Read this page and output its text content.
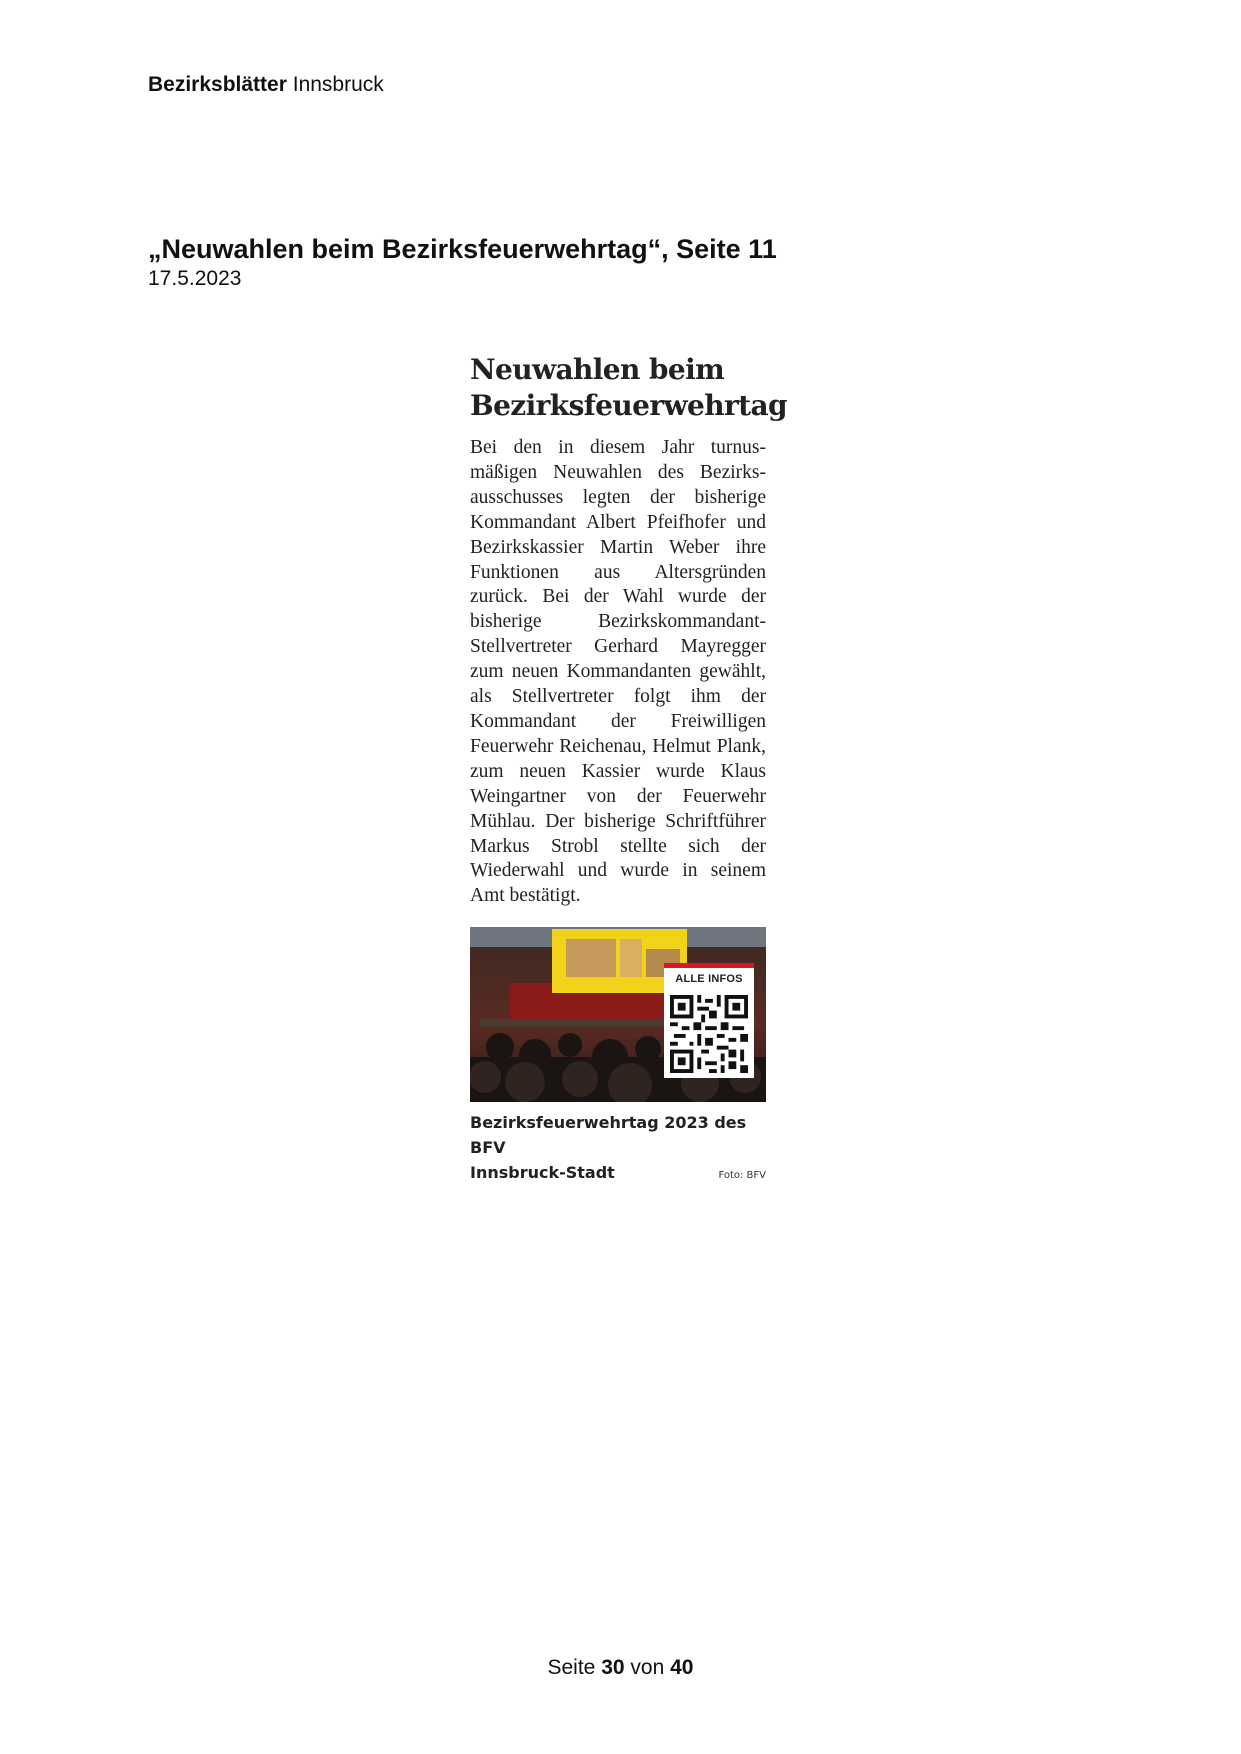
Bezirksblätter Innsbruck
„Neuwahlen beim Bezirksfeuerwehrtag“, Seite 11
17.5.2023
Neuwahlen beim
Bezirksfeuerwehrtag

Bei den in diesem Jahr turnusmäßigen Neuwahlen des Bezirksausschusses legten der bisherige Kommandant Albert Pfeifhofer und Bezirkskassier Martin Weber ihre Funktionen aus Altersgründen zurück. Bei der Wahl wurde der bisherige Bezirkskommandant-Stellvertreter Gerhard Mayregger zum neuen Kommandanten gewählt, als Stellvertreter folgt ihm der Kommandant der Freiwilligen Feuerwehr Reichenau, Helmut Plank, zum neuen Kassier wurde Klaus Weingartner von der Feuerwehr Mühlau. Der bisherige Schriftführer Markus Strobl stellte sich der Wiederwahl und wurde in seinem Amt bestätigt.

ALLE INFOS
Bezirksfeuerwehrtag 2023 des BFV
Innsbruck-Stadt	Foto: BFV
Seite 30 von 40
